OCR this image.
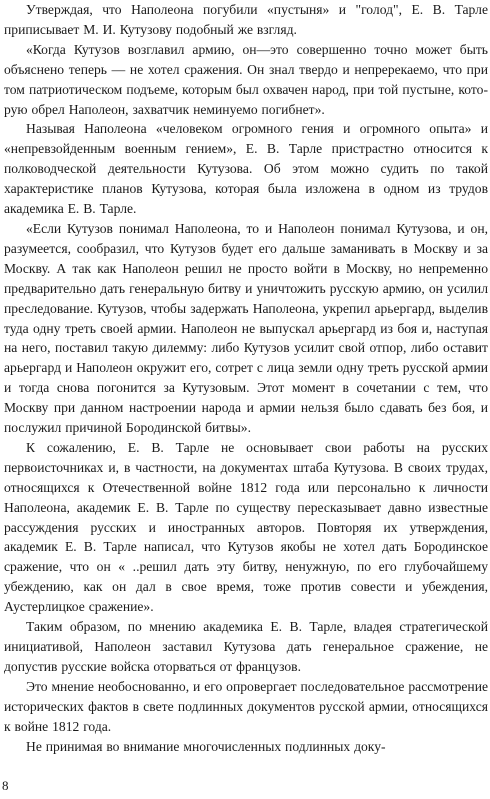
Утверждая, что Наполеона погубили «пустыня» и "голод", Е. В. Тарле приписывает М. И. Кутузову подобный же взгляд.

«Когда Кутузов возглавил армию, он—это совершенно точно может быть объяснено теперь — не хотел сражения. Он знал твердо и непререкаемо, что при том патриотическом подъеме, которым был охвачен народ, при той пустыне, которую обрел Наполеон, захватчик неминуемо погибнет».

Называя Наполеона «человеком огромного гения и огромного опыта» и «непревзойденным военным гением», Е. В. Тарле пристрастно относится к полководческой деятельности Кутузова. Об этом можно судить по такой характеристике планов Кутузова, которая была изложена в одном из трудов академика Е. В. Тарле.

«Если Кутузов понимал Наполеона, то и Наполеон понимал Кутузова, и он, разумеется, сообразил, что Кутузов будет его дальше заманивать в Москву и за Москву. А так как Наполеон решил не просто войти в Москву, но непременно предварительно дать генеральную битву и уничтожить русскую армию, он усилил преследование. Кутузов, чтобы задержать Наполеона, укрепил арьергард, выделив туда одну треть своей армии. Наполеон не выпускал арьергард из боя и, наступая на него, поставил такую дилемму: либо Кутузов усилит свой отпор, либо оставит арьергард и Наполеон окружит его, сотрет с лица земли одну треть русской армии и тогда снова погонится за Кутузовым. Этот момент в сочетании с тем, что Москву при данном настроении народа и армии нельзя было сдавать без боя, и послужил причиной Бородинской битвы».

К сожалению, Е. В. Тарле не основывает свои работы на русских первоисточниках и, в частности, на документах штаба Кутузова. В своих трудах, относящихся к Отечественной войне 1812 года или персонально к личности Наполеона, академик Е. В. Тарле по существу пересказывает давно известные рассуждения русских и иностранных авторов. Повторяя их утверждения, академик Е. В. Тарле написал, что Кутузов якобы не хотел дать Бородинское сражение, что он « ..решил дать эту битву, ненужную, по его глубочайшему убеждению, как он дал в свое время, тоже против совести и убеждения, Аустерлицкое сражение».

Таким образом, по мнению академика Е. В. Тарле, владея стратегической инициативой, Наполеон заставил Кутузова дать генеральное сражение, не допустив русские войска оторваться от французов.

Это мнение необоснованно, и его опровергает последовательное рассмотрение исторических фактов в свете подлинных документов русской армии, относящихся к войне 1812 года.

Не принимая во внимание многочисленных подлинных доку-

8
